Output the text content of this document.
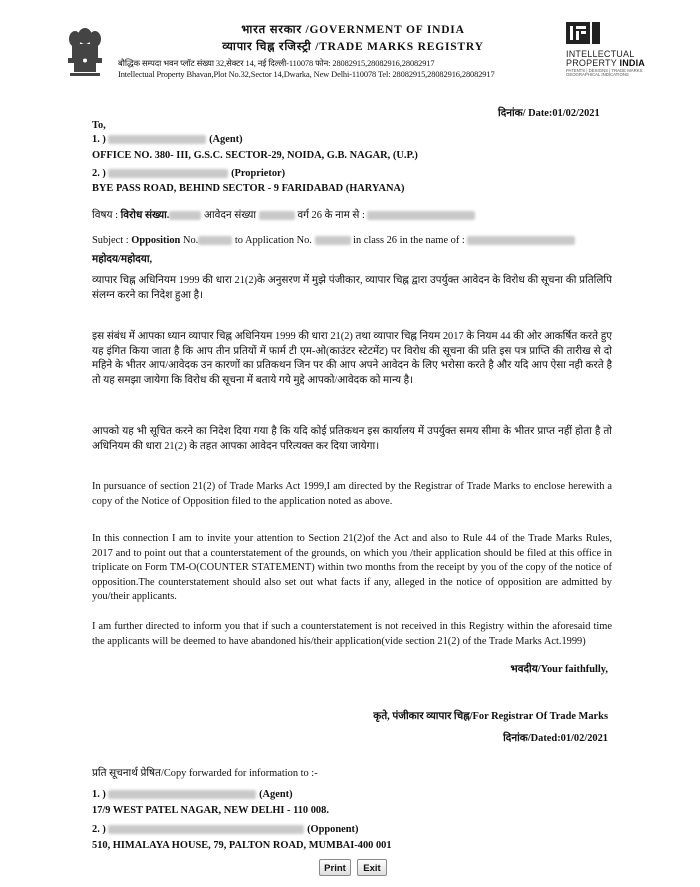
भारत सरकार /GOVERNMENT OF INDIA
व्यापार चिह्न रजिस्ट्री /TRADE MARKS REGISTRY
बौद्धिक सम्पदा भवन प्लॉट संख्या 32,सेक्टर 14, नई दिल्ली-110078 फोन: 28082915,28082916,28082917
Intellectual Property Bhavan,Plot No.32,Sector 14,Dwarka, New Delhi-110078 Tel: 28082915,28082916,28082917
INTELLECTUAL
PROPERTY INDIA
PATENTS | DESIGNS | TRADE MARKS
GEOGRAPHICAL INDICATIONS
दिनांक/ Date:01/02/2021
To,
1. )	(Agent)
OFFICE NO. 380- III, G.S.C. SECTOR-29, NOIDA, G.B. NAGAR, (U.P.)
2. )	(Proprietor)
BYE PASS ROAD, BEHIND SECTOR - 9 FARIDABAD (HARYANA)
विषय : विरोध संख्या.	आवेदन संख्या	वर्ग 26 के नाम से :
Subject : Opposition No.	to Application No.	in class 26 in the name of :
महोदय/महोदया,
व्यापार चिह्न अधिनियम 1999 की धारा 21(2)के अनुसरण में मुझे पंजीकार, व्यापार चिह्न द्वारा उपर्युक्त आवेदन के विरोध की सूचना की प्रतिलिपि संलग्न करने का निदेश हुआ है।
इस संबंध में आपका ध्यान व्यापार चिह्न अधिनियम 1999 की धारा 21(2) तथा व्यापार चिह्न नियम 2017 के नियम 44 की ओर आकर्षित करते हुए यह इंगित किया जाता है कि आप तीन प्रतियों में फार्म टी एम-ओ(काउंटर स्टेटमेंट) पर विरोध की सूचना की प्रति इस पत्र प्राप्ति की तारीख से दो महिने के भीतर आप/आवेदक उन कारणों का प्रतिकथन जिन पर की आप अपने आवेदन के लिए भरोसा करते है और यदि आप ऐसा नही करते है तो यह समझा जायेगा कि विरोध की सूचना में बताये गये मुद्दे आपको/आवेदक को मान्य है।
आपको यह भी सूचित करने का निदेश दिया गया है कि यदि कोई प्रतिकथन इस कार्यालय में उपर्युक्त समय सीमा के भीतर प्राप्त नहीं होता है तो अधिनियम की धारा 21(2) के तहत आपका आवेदन परित्यक्त कर दिया जायेगा।
In pursuance of section 21(2) of Trade Marks Act 1999,I am directed by the Registrar of Trade Marks to enclose herewith a copy of the Notice of Opposition filed to the application noted as above.
In this connection I am to invite your attention to Section 21(2)of the Act and also to Rule 44 of the Trade Marks Rules, 2017 and to point out that a counterstatement of the grounds, on which you /their application should be filed at this office in triplicate on Form TM-O(COUNTER STATEMENT) within two months from the receipt by you of the copy of the notice of opposition.The counterstatement should also set out what facts if any, alleged in the notice of opposition are admitted by you/their applicants.
I am further directed to inform you that if such a counterstatement is not received in this Registry within the aforesaid time the applicants will be deemed to have abandoned his/their application(vide section 21(2) of the Trade Marks Act.1999)
भवदीय/Your faithfully,
कृते, पंजीकार व्यापार चिह्न/For Registrar Of Trade Marks
दिनांक/Dated:01/02/2021
प्रति सूचनार्थ प्रेषित/Copy forwarded for information to :-
1. )	(Agent)
17/9 WEST PATEL NAGAR, NEW DELHI - 110 008.
2. )	(Opponent)
510, HIMALAYA HOUSE, 79, PALTON ROAD, MUMBAI-400 001
Print	Exit
